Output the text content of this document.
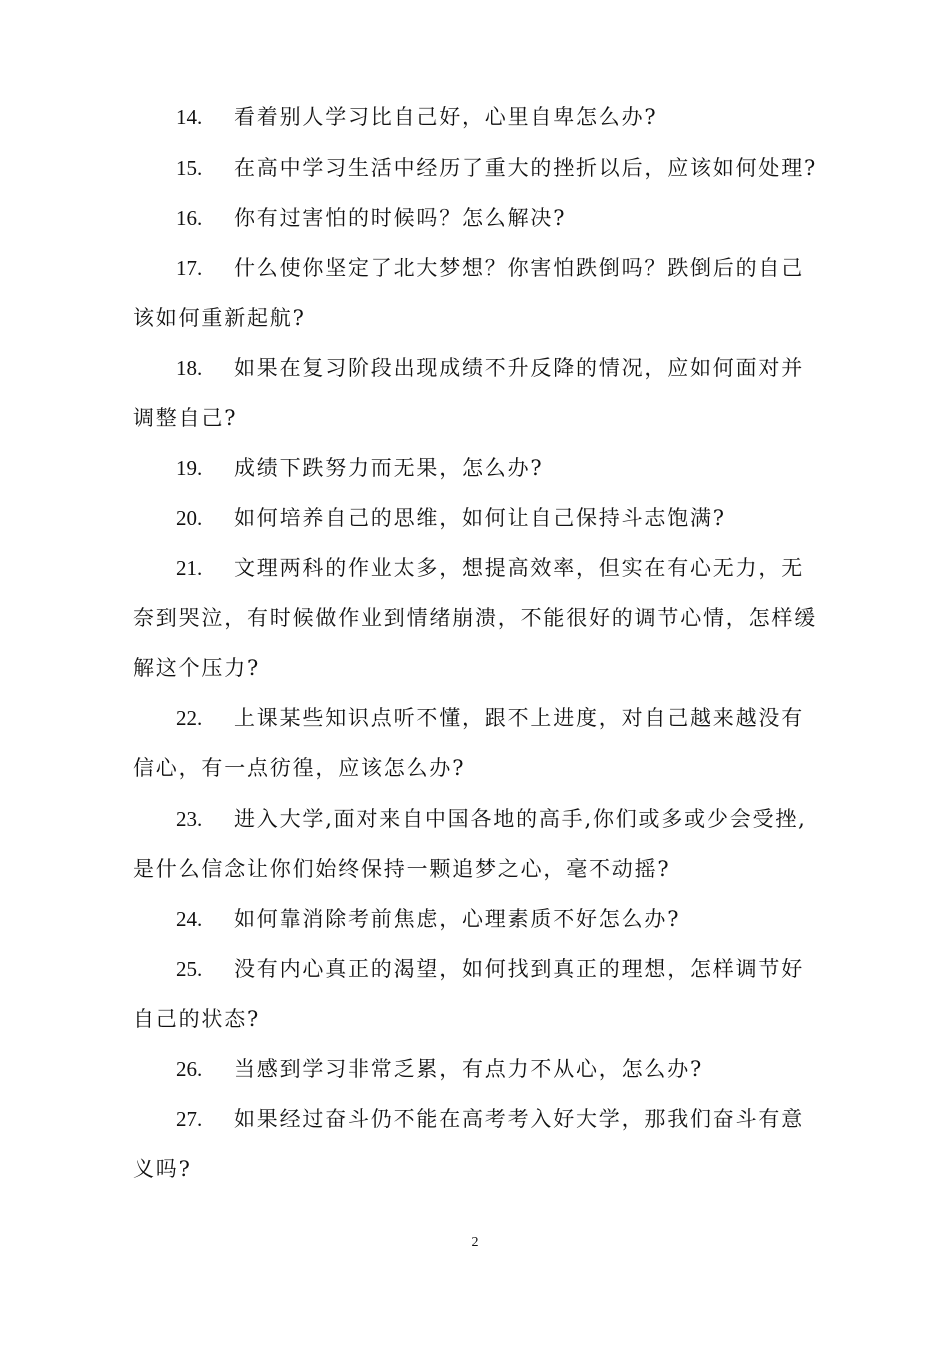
14. 看着别人学习比自己好，心里自卑怎么办?

15. 在高中学习生活中经历了重大的挫折以后，应该如何处理?

16. 你有过害怕的时候吗？怎么解决?

17. 什么使你坚定了北大梦想？你害怕跌倒吗？跌倒后的自己该如何重新起航?

18. 如果在复习阶段出现成绩不升反降的情况，应如何面对并调整自己?

19. 成绩下跌努力而无果，怎么办?

20. 如何培养自己的思维，如何让自己保持斗志饱满?

21. 文理两科的作业太多，想提高效率，但实在有心无力，无奈到哭泣，有时候做作业到情绪崩溃，不能很好的调节心情，怎样缓解这个压力?

22. 上课某些知识点听不懂，跟不上进度，对自己越来越没有信心，有一点彷徨，应该怎么办?

23. 进入大学,面对来自中国各地的高手,你们或多或少会受挫,是什么信念让你们始终保持一颗追梦之心，毫不动摇?

24. 如何靠消除考前焦虑，心理素质不好怎么办?

25. 没有内心真正的渴望，如何找到真正的理想，怎样调节好自己的状态?

26. 当感到学习非常乏累，有点力不从心，怎么办?

27. 如果经过奋斗仍不能在高考考入好大学，那我们奋斗有意义吗?

2
